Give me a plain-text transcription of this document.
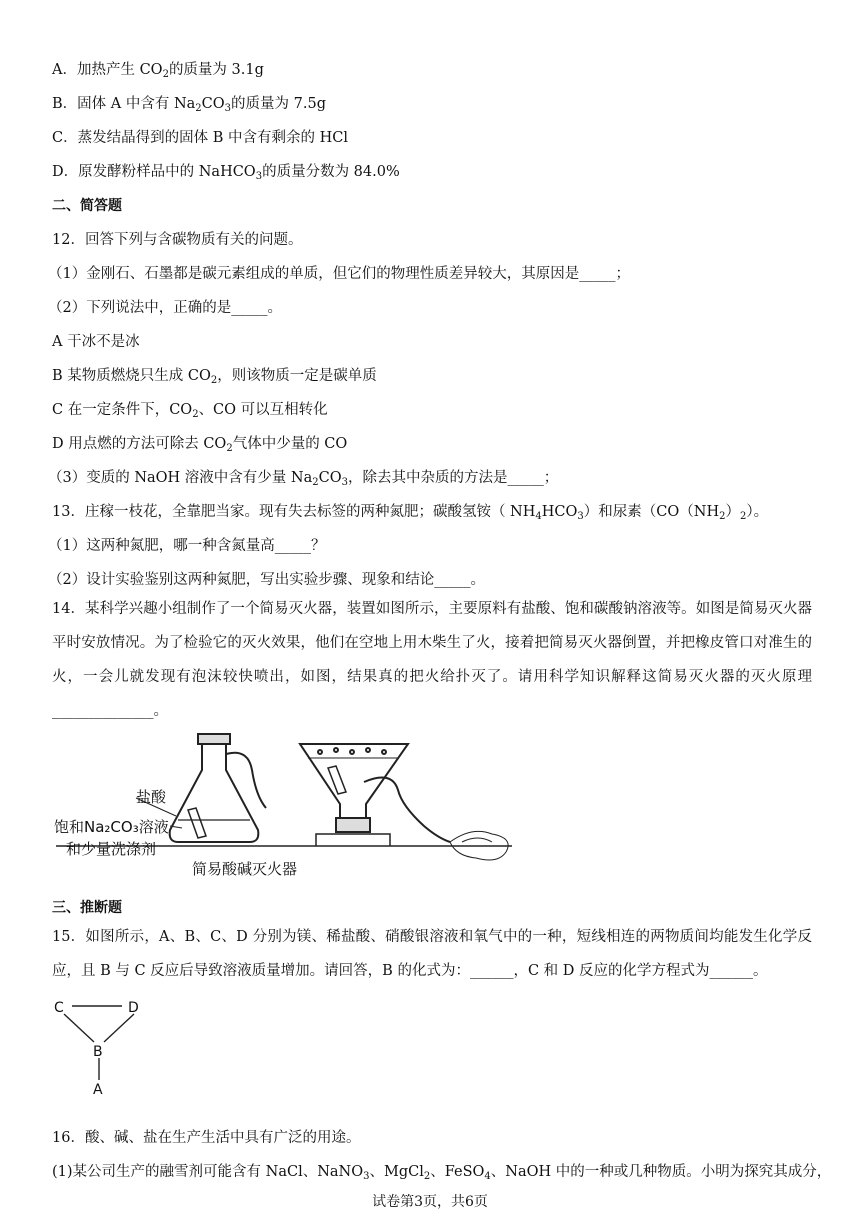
A．加热产生 $CO_2$的质量为 3.1g
B．固体 A 中含有 $Na_2CO_3$的质量为 7.5g
C．蒸发结晶得到的固体 B 中含有剩余的 HCl
D．原发酵粉样品中的 NaHCO$_3$的质量分数为 84.0%
二、简答题
12．回答下列与含碳物质有关的问题。
（1）金刚石、石墨都是碳元素组成的单质，但它们的物理性质差异较大，其原因是_____；
（2）下列说法中，正确的是_____。
A 干冰不是冰
B 某物质燃烧只生成 $CO_2$，则该物质一定是碳单质
C 在一定条件下，$CO_2$、CO 可以互相转化
D 用点燃的方法可除去 $CO_2$气体中少量的 CO
（3）变质的 NaOH 溶液中含有少量 $Na_2CO_3$，除去其中杂质的方法是_____；
13．庄稼一枝花，全靠肥当家。现有失去标签的两种氮肥；碳酸氢铵（ $NH_4HCO_3$）和尿素$(CO(NH_2)_2)$。
（1）这两种氮肥，哪一种含氮量高_____？
（2）设计实验鉴别这两种氮肥，写出实验步骤、现象和结论_____。
14．某科学兴趣小组制作了一个简易灭火器，装置如图所示，主要原料有盐酸、饱和碳酸钠溶液等。如图是简易灭火器平时安放情况。为了检验它的灭火效果，他们在空地上用木柴生了火，接着把简易灭火器倒置，并把橡皮管口对准生的火，一会儿就发现有泡沫较快喷出，如图，结果真的把火给扑灭了。请用科学知识解释这简易灭火器的灭火原理______________。
盐酸
饱和Na₂CO₃溶液
和少量洗涤剂
简易酸碱灭火器
三、推断题
15．如图所示，A、B、C、D 分别为镁、稀盐酸、硝酸银溶液和氧气中的一种，短线相连的两物质间均能发生化学反应，且 B 与 C 反应后导致溶液质量增加。请回答，B 的化式为：______，C 和 D 反应的化学方程式为______。
C	D
B
A
16．酸、碱、盐在生产生活中具有广泛的用途。
(1)某公司生产的融雪剂可能含有 NaCl、NaNO$_3$、MgCl$_2$、FeSO$_4$、NaOH 中的一种或几种物质。小明为探究其成分，
试卷第3页，共6页
